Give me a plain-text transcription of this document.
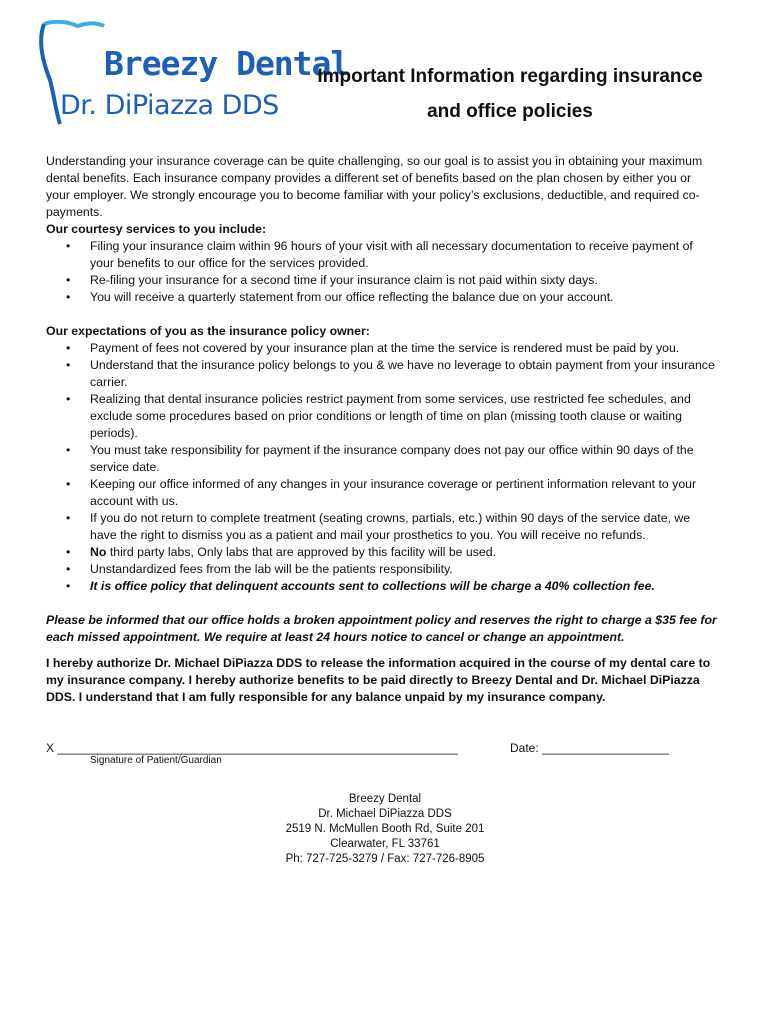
Breezy Dental
Dr. DiPiazza DDS
Important Information regarding insurance
and office policies

Understanding your insurance coverage can be quite challenging, so our goal is to assist you in obtaining your maximum dental benefits. Each insurance company provides a different set of benefits based on the plan chosen by either you or your employer. We strongly encourage you to become familiar with your policy’s exclusions, deductible, and required co-payments.

Our courtesy services to you include:

• Filing your insurance claim within 96 hours of your visit with all necessary documentation to receive payment of your benefits to our office for the services provided.
• Re-filing your insurance for a second time if your insurance claim is not paid within sixty days.
• You will receive a quarterly statement from our office reflecting the balance due on your account.

Our expectations of you as the insurance policy owner:

• Payment of fees not covered by your insurance plan at the time the service is rendered must be paid by you.
• Understand that the insurance policy belongs to you & we have no leverage to obtain payment from your insurance carrier.
• Realizing that dental insurance policies restrict payment from some services, use restricted fee schedules, and exclude some procedures based on prior conditions or length of time on plan (missing tooth clause or waiting periods).
• You must take responsibility for payment if the insurance company does not pay our office within 90 days of the service date.
• Keeping our office informed of any changes in your insurance coverage or pertinent information relevant to your account with us.
• If you do not return to complete treatment (seating crowns, partials, etc.) within 90 days of the service date, we have the right to dismiss you as a patient and mail your prosthetics to you. You will receive no refunds.
• No third party labs, Only labs that are approved by this facility will be used.
• Unstandardized fees from the lab will be the patients responsibility.
• It is office policy that delinquent accounts sent to collections will be charge a 40% collection fee.

Please be informed that our office holds a broken appointment policy and reserves the right to charge a $35 fee for each missed appointment. We require at least 24 hours notice to cancel or change an appointment.

I hereby authorize Dr. Michael DiPiazza DDS to release the information acquired in the course of my dental care to my insurance company. I hereby authorize benefits to be paid directly to Breezy Dental and Dr. Michael DiPiazza DDS. I understand that I am fully responsible for any balance unpaid by my insurance company.

X ____________________________________________________________
Signature of Patient/Guardian
Date: ___________________
Breezy Dental
Dr. Michael DiPiazza DDS
2519 N. McMullen Booth Rd, Suite 201
Clearwater, FL 33761
Ph: 727-725-3279 / Fax: 727-726-8905
